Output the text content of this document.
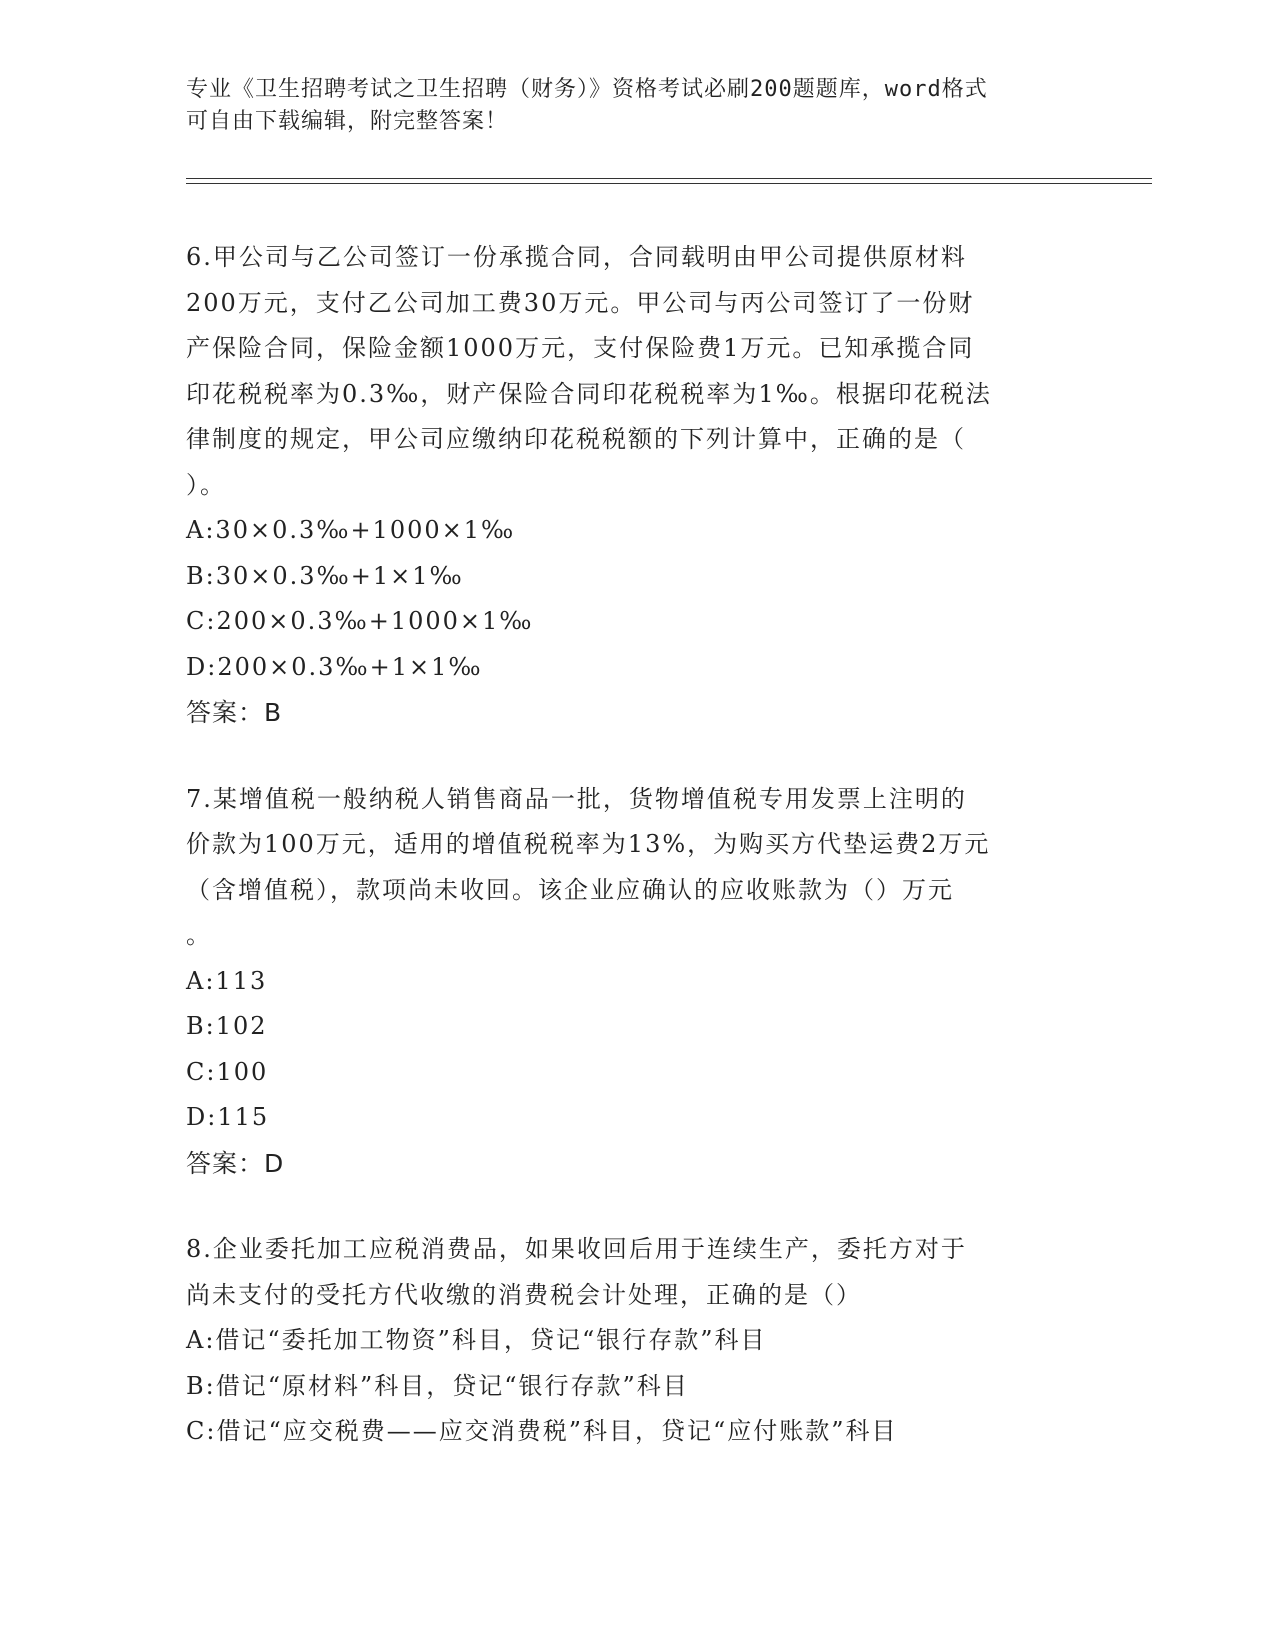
专业《卫生招聘考试之卫生招聘（财务）》资格考试必刷200题题库，word格式
可自由下载编辑，附完整答案！
6.甲公司与乙公司签订一份承揽合同，合同载明由甲公司提供原材料
200万元，支付乙公司加工费30万元。甲公司与丙公司签订了一份财
产保险合同，保险金额1000万元，支付保险费1万元。已知承揽合同
印花税税率为0.3‰，财产保险合同印花税税率为1‰。根据印花税法
律制度的规定，甲公司应缴纳印花税税额的下列计算中，正确的是（
）。
A:30×0.3‰+1000×1‰
B:30×0.3‰+1×1‰
C:200×0.3‰+1000×1‰
D:200×0.3‰+1×1‰
答案：B
7.某增值税一般纳税人销售商品一批，货物增值税专用发票上注明的
价款为100万元，适用的增值税税率为13%，为购买方代垫运费2万元
（含增值税），款项尚未收回。该企业应确认的应收账款为（）万元
。
A:113
B:102
C:100
D:115
答案：D
8.企业委托加工应税消费品，如果收回后用于连续生产，委托方对于
尚未支付的受托方代收缴的消费税会计处理，正确的是（）
A:借记“委托加工物资”科目，贷记“银行存款”科目
B:借记“原材料”科目，贷记“银行存款”科目
C:借记“应交税费——应交消费税”科目，贷记“应付账款”科目
